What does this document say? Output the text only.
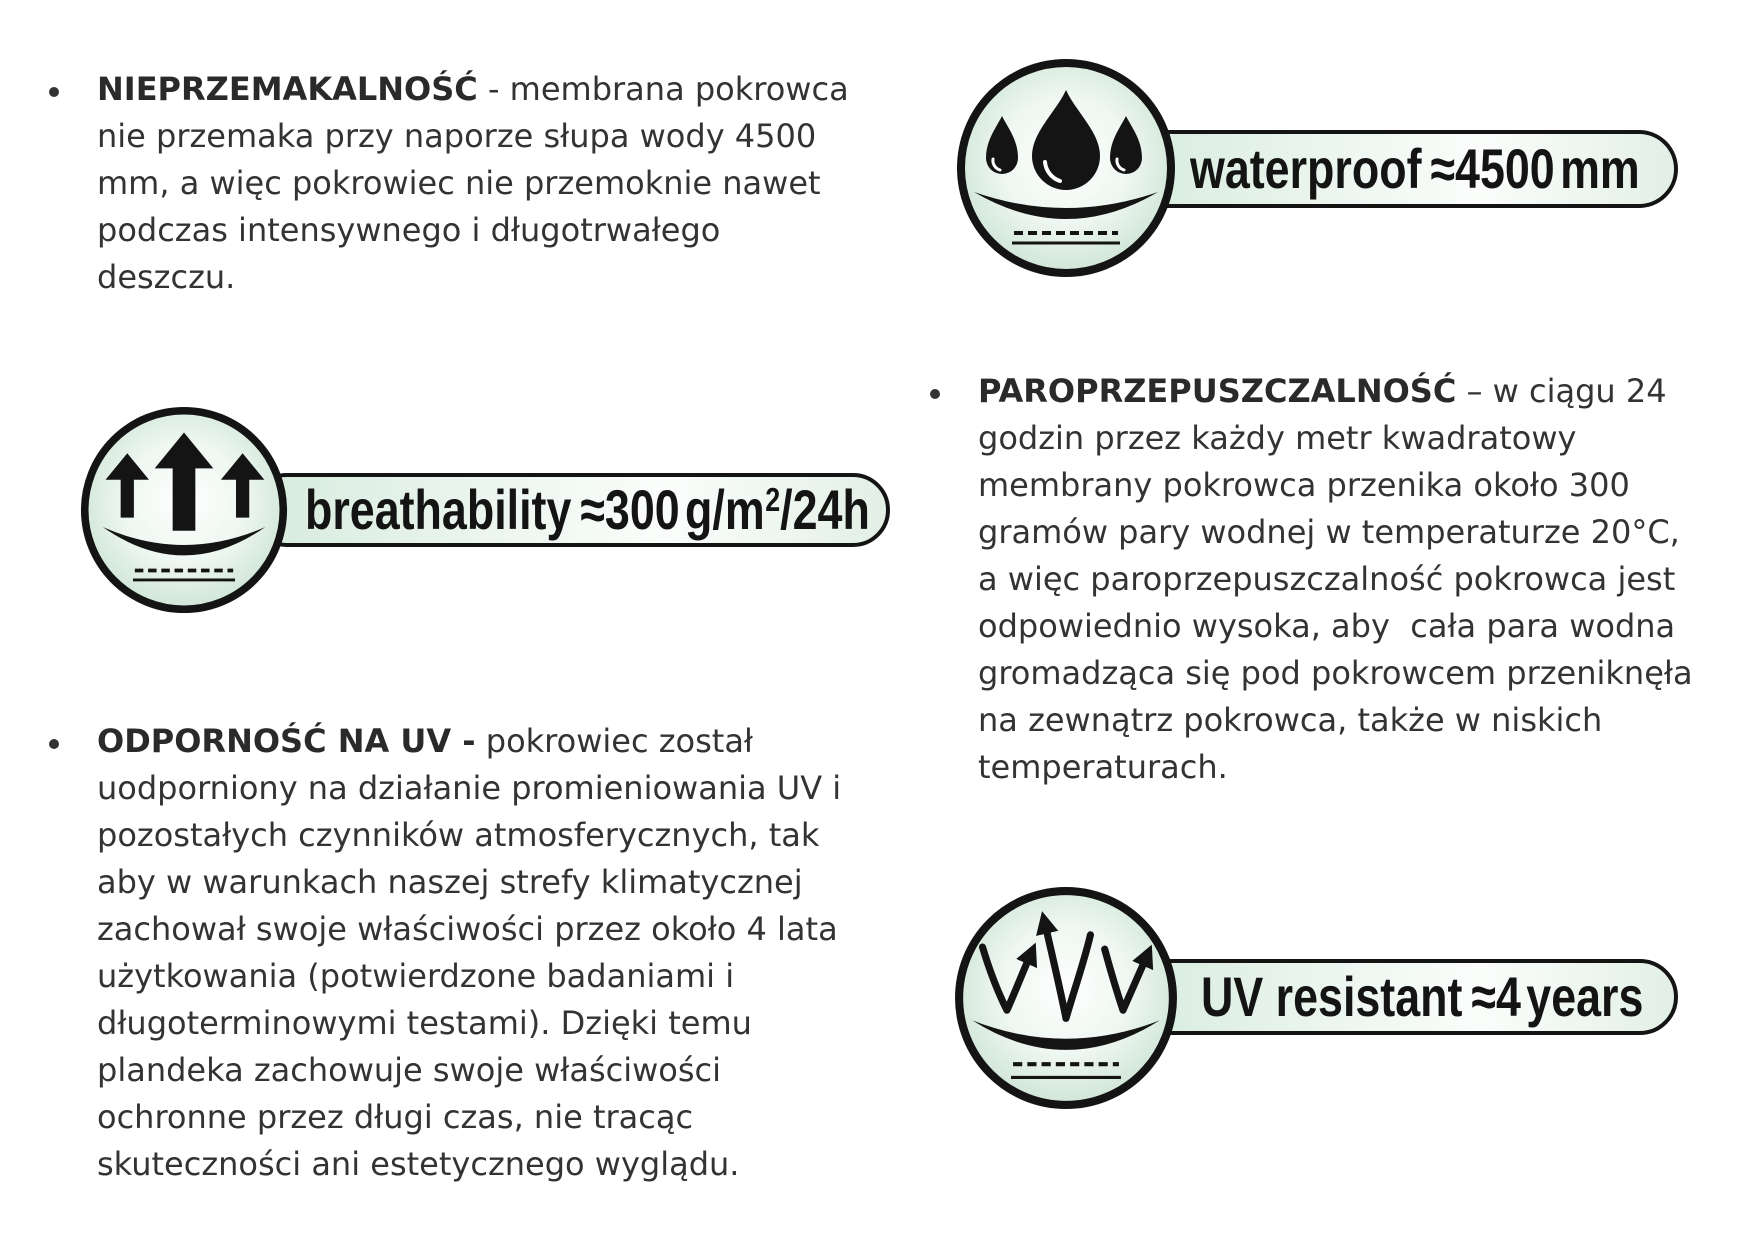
NIEPRZEMAKALNOŚĆ - membrana pokrowca
nie przemaka przy naporze słupa wody 4500
mm, a więc pokrowiec nie przemoknie nawet
podczas intensywnego i długotrwałego
deszczu.
waterproof ≈4500mm
breathability $\approx 300g/m^2/24h$
PAROPRZEPUSZCZALNOŚĆ – w ciągu 24
godzin przez każdy metr kwadratowy
membrany pokrowca przenika około 300
gramów pary wodnej w temperaturze 20°C,
a więc paroprzepuszczalność pokrowca jest
odpowiednio wysoka, aby  cała para wodna
gromadząca się pod pokrowcem przeniknęła
na zewnątrz pokrowca, także w niskich
temperaturach.
ODPORNOŚĆ NA UV - pokrowiec został
uodporniony na działanie promieniowania UV i
pozostałych czynników atmosferycznych, tak
aby w warunkach naszej strefy klimatycznej
zachował swoje właściwości przez około 4 lata
użytkowania (potwierdzone badaniami i
długoterminowymi testami). Dzięki temu
plandeka zachowuje swoje właściwości
ochronne przez długi czas, nie tracąc
skuteczności ani estetycznego wyglądu.
UV resistant ≈4years
